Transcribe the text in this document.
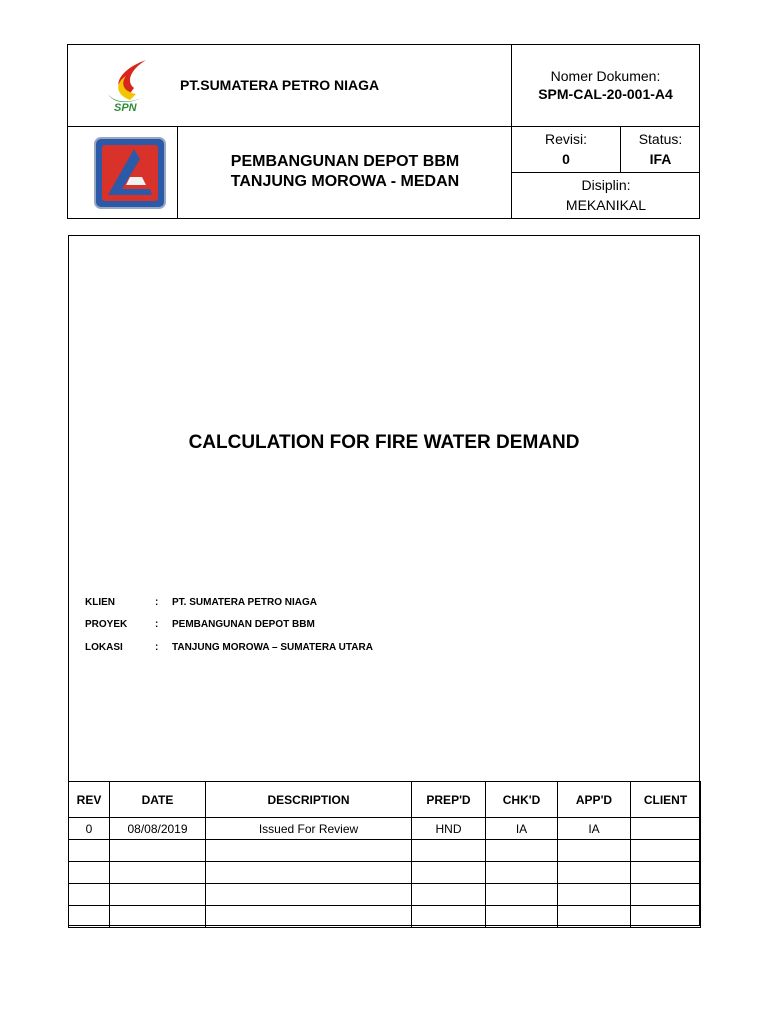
SPN
PT.SUMATERA PETRO NIAGA
Nomer Dokumen:
SPM-CAL-20-001-A4
PEMBANGUNAN DEPOT BBM
TANJUNG MOROWA - MEDAN
Revisi:
0
Status:
IFA
Disiplin:
MEKANIKAL
CALCULATION FOR FIRE WATER DEMAND
KLIEN	: PT. SUMATERA PETRO NIAGA
PROYEK	: PEMBANGUNAN DEPOT BBM
LOKASI	: TANJUNG MOROWA – SUMATERA UTARA
REV	DATE	DESCRIPTION	PREP'D	CHK'D	APP'D	CLIENT
0	08/08/2019	Issued For Review	HND	IA	IA	
